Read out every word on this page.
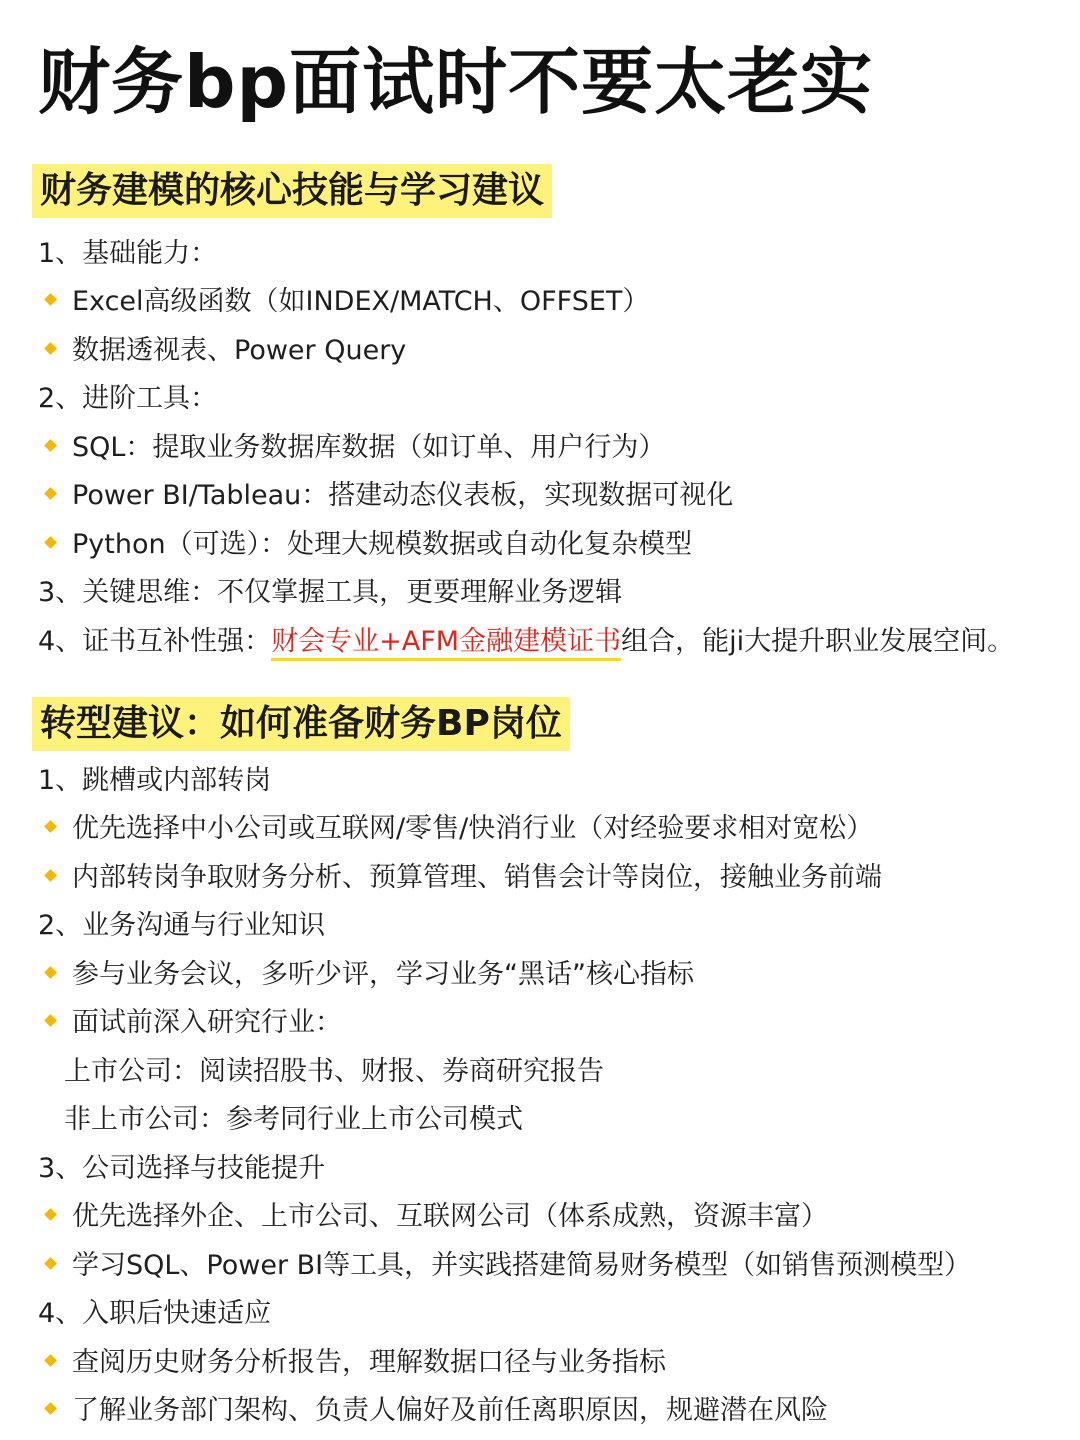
财务bp面试时不要太老实
财务建模的核心技能与学习建议
1、基础能力：
Excel高级函数（如INDEX/MATCH、OFFSET）
数据透视表、Power Query
2、进阶工具：
SQL：提取业务数据库数据（如订单、用户行为）
Power BI/Tableau：搭建动态仪表板，实现数据可视化
Python（可选）：处理大规模数据或自动化复杂模型
3、关键思维：不仅掌握工具，更要理解业务逻辑
4、证书互补性强：财会专业+AFM金融建模证书组合，能ji大提升职业发展空间。
转型建议：如何准备财务BP岗位
1、跳槽或内部转岗
优先选择中小公司或互联网/零售/快消行业（对经验要求相对宽松）
内部转岗争取财务分析、预算管理、销售会计等岗位，接触业务前端
2、业务沟通与行业知识
参与业务会议，多听少评，学习业务“黑话”核心指标
面试前深入研究行业：
上市公司：阅读招股书、财报、券商研究报告
非上市公司：参考同行业上市公司模式
3、公司选择与技能提升
优先选择外企、上市公司、互联网公司（体系成熟，资源丰富）
学习SQL、Power BI等工具，并实践搭建简易财务模型（如销售预测模型）
4、入职后快速适应
查阅历史财务分析报告，理解数据口径与业务指标
了解业务部门架构、负责人偏好及前任离职原因，规避潜在风险
